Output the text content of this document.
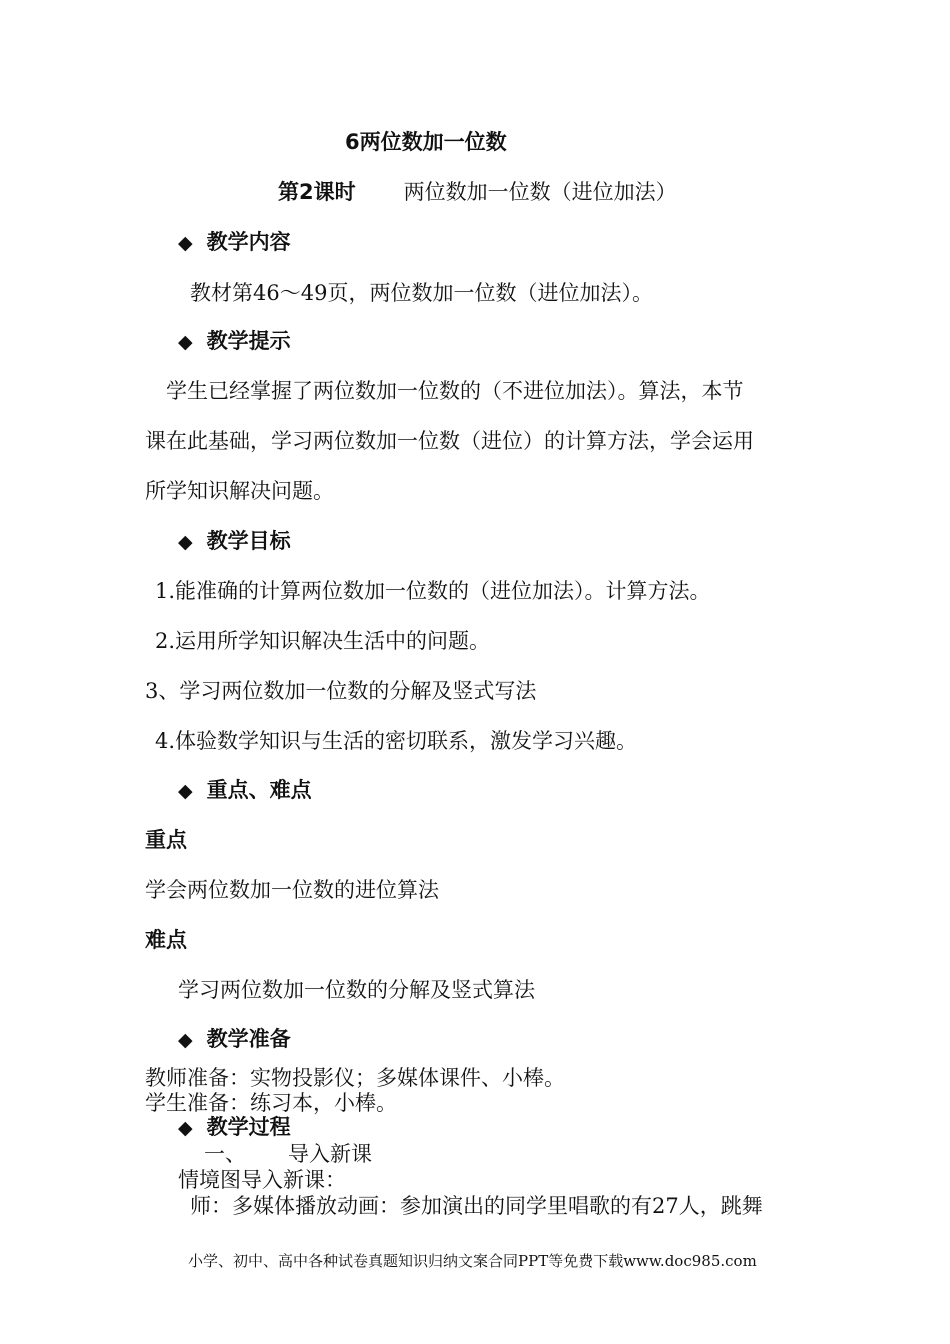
6两位数加一位数
第2课时 两位数加一位数（进位加法）
◆ 教学内容
教材第46～49页，两位数加一位数（进位加法）。
◆ 教学提示
学生已经掌握了两位数加一位数的（不进位加法）。算法，本节
课在此基础，学习两位数加一位数（进位）的计算方法，学会运用
所学知识解决问题。
◆ 教学目标
1.能准确的计算两位数加一位数的（进位加法）。计算方法。
2.运用所学知识解决生活中的问题。
3、学习两位数加一位数的分解及竖式写法
4.体验数学知识与生活的密切联系，激发学习兴趣。
◆ 重点、难点
重点
学会两位数加一位数的进位算法
难点
学习两位数加一位数的分解及竖式算法
◆ 教学准备
教师准备：实物投影仪；多媒体课件、小棒。
学生准备：练习本，小棒。
◆ 教学过程
一、 导入新课
情境图导入新课：
师：多媒体播放动画：参加演出的同学里唱歌的有27人，跳舞
小学、初中、高中各种试卷真题知识归纳文案合同PPT等免费下载www.doc985.com
